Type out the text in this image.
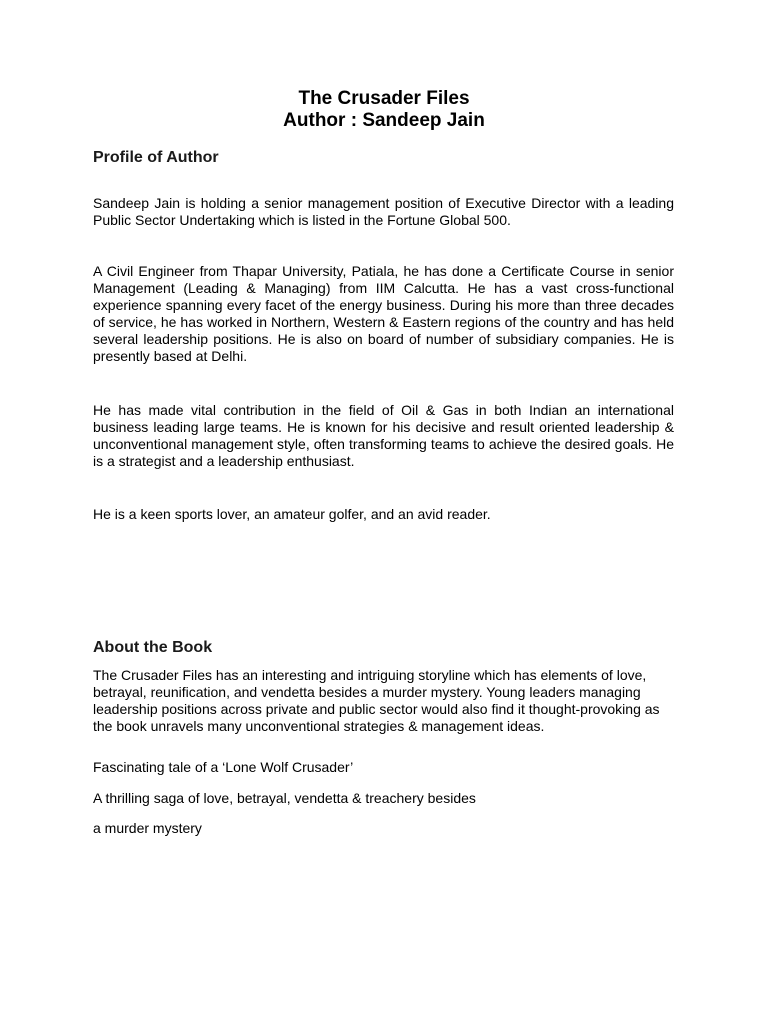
The Crusader Files
Author : Sandeep Jain
Profile of Author

Sandeep Jain is holding a senior management position of Executive Director with a leading Public Sector Undertaking which is listed in the Fortune Global 500.

A Civil Engineer from Thapar University, Patiala, he has done a Certificate Course in senior Management (Leading & Managing) from IIM Calcutta. He has a vast cross-functional experience spanning every facet of the energy business. During his more than three decades of service, he has worked in Northern, Western & Eastern regions of the country and has held several leadership positions. He is also on board of number of subsidiary companies. He is presently based at Delhi.

He has made vital contribution in the field of Oil & Gas in both Indian an international business leading large teams. He is known for his decisive and result oriented leadership & unconventional management style, often transforming teams to achieve the desired goals. He is a strategist and a leadership enthusiast.

He is a keen sports lover, an amateur golfer, and an avid reader.

About the Book

The Crusader Files has an interesting and intriguing storyline which has elements of love, betrayal, reunification, and vendetta besides a murder mystery. Young leaders managing leadership positions across private and public sector would also find it thought-provoking as the book unravels many unconventional strategies & management ideas.

Fascinating tale of a ‘Lone Wolf Crusader’

A thrilling saga of love, betrayal, vendetta & treachery besides

a murder mystery
